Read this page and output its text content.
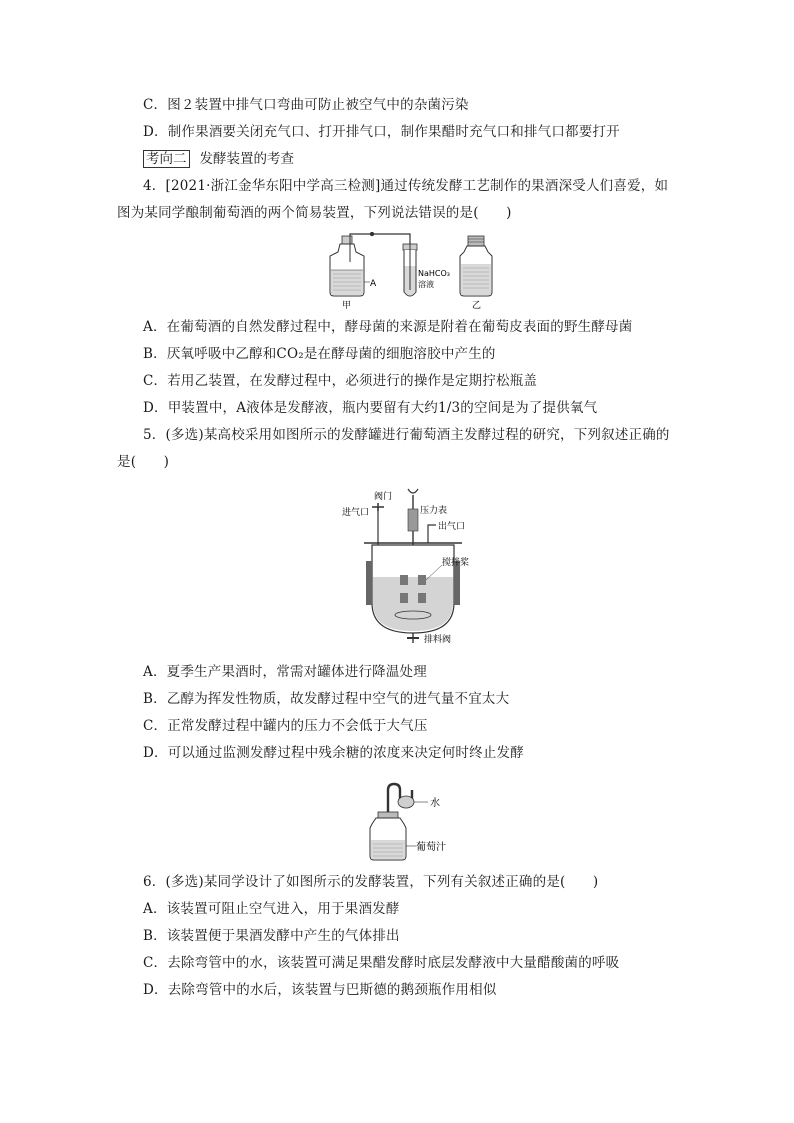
C．图２装置中排气口弯曲可防止被空气中的杂菌污染
D．制作果酒要关闭充气口、打开排气口，制作果醋时充气口和排气口都要打开
考向二 发酵装置的考查
4．[2021·浙江金华东阳中学高三检测]通过传统发酵工艺制作的果酒深受人们喜爱，如
图为某同学酿制葡萄酒的两个简易装置，下列说法错误的是(　　)
A
甲	乙
NaHCO₃
溶液
A．在葡萄酒的自然发酵过程中，酵母菌的来源是附着在葡萄皮表面的野生酵母菌
B．厌氧呼吸中乙醇和CO₂是在酵母菌的细胞溶胶中产生的
C．若用乙装置，在发酵过程中，必须进行的操作是定期拧松瓶盖
D．甲装置中，A液体是发酵液，瓶内要留有大约1/3的空间是为了提供氧气
5．(多选)某高校采用如图所示的发酵罐进行葡萄酒主发酵过程的研究，下列叙述正确的
是(　　)
阀门
进气口	压力表
出气口
搅拌桨
排料阀
A．夏季生产果酒时，常需对罐体进行降温处理
B．乙醇为挥发性物质，故发酵过程中空气的进气量不宜太大
C．正常发酵过程中罐内的压力不会低于大气压
D．可以通过监测发酵过程中残余糖的浓度来决定何时终止发酵
水
葡萄汁
6．(多选)某同学设计了如图所示的发酵装置，下列有关叙述正确的是(　　)
A．该装置可阻止空气进入，用于果酒发酵
B．该装置便于果酒发酵中产生的气体排出
C．去除弯管中的水，该装置可满足果醋发酵时底层发酵液中大量醋酸菌的呼吸
D．去除弯管中的水后，该装置与巴斯德的鹅颈瓶作用相似
